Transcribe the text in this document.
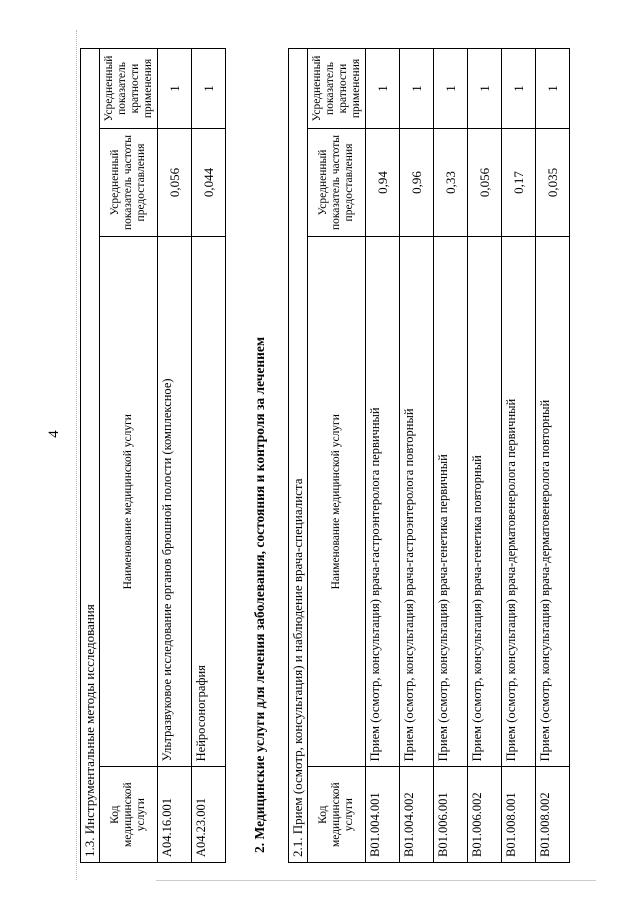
4
1.3. Инструментальные методы исследования			
Код медицинской услуги	Наименование медицинской услуги	Усредненный показатель частоты предоставления	Усредненный показатель кратности применения
A04.16.001	Ультразвуковое исследование органов брюшной полости (комплексное)	0,056	1
A04.23.001	Нейросонография	0,044	1
2. Медицинские услуги для лечения заболевания, состояния и контроля за лечением 2.1. Прием (осмотр, консультация) и наблюдение врача-специалиста			
Код медицинской услуги	Наименование медицинской услуги	Усредненный показатель частоты предоставления	Усредненный показатель кратности применения
B01.004.001	Прием (осмотр, консультация) врача-гастроэнтеролога первичный	0,94	1
B01.004.002	Прием (осмотр, консультация) врача-гастроэнтеролога повторный	0,96	1
B01.006.001	Прием (осмотр, консультация) врача-генетика первичный	0,33	1
B01.006.002	Прием (осмотр, консультация) врача-генетика повторный	0,056	1
B01.008.001	Прием (осмотр, консультация) врача-дерматовенеролога первичный	0,17	1
B01.008.002	Прием (осмотр, консультация) врача-дерматовенеролога повторный	0,035	1
